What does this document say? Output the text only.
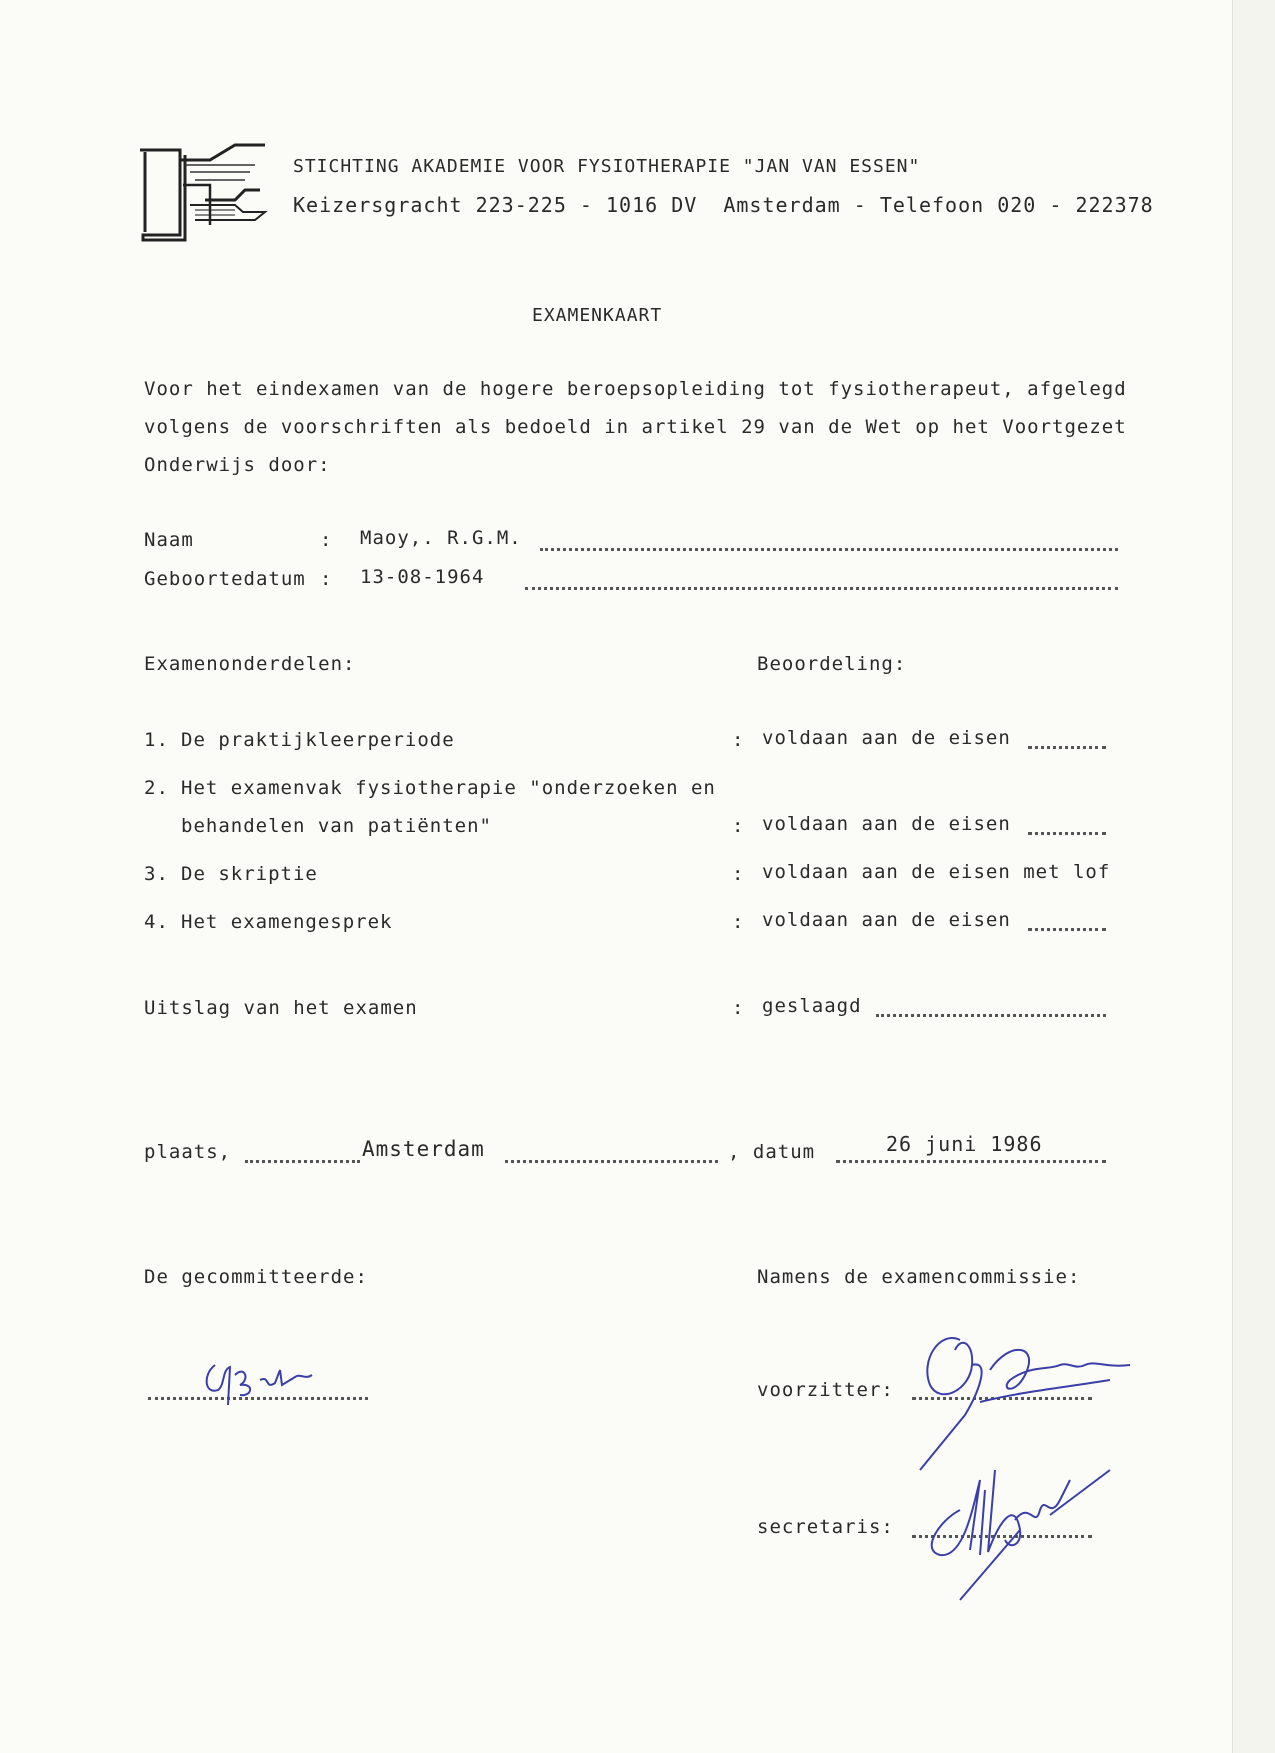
STICHTING AKADEMIE VOOR FYSIOTHERAPIE "JAN VAN ESSEN"
Keizersgracht 223-225 - 1016 DV  Amsterdam - Telefoon 020 - 222378
EXAMENKAART
Voor het eindexamen van de hogere beroepsopleiding tot fysiotherapeut, afgelegd
volgens de voorschriften als bedoeld in artikel 29 van de Wet op het Voortgezet
Onderwijs door:
Naam	: Maoy,. R.G.M.
Geboortedatum : 13-08-1964
Examenonderdelen:	Beoordeling:
1. De praktijkleerperiode	: voldaan aan de eisen
2. Het examenvak fysiotherapie "onderzoeken en
behandelen van patiënten"	: voldaan aan de eisen
3. De skriptie	: voldaan aan de eisen met lof
4. Het examengesprek	: voldaan aan de eisen
Uitslag van het examen	: geslaagd
plaats,	Amsterdam	, datum	26 juni 1986
De gecommitteerde:	Namens de examencommissie:
voorzitter:
secretaris:
